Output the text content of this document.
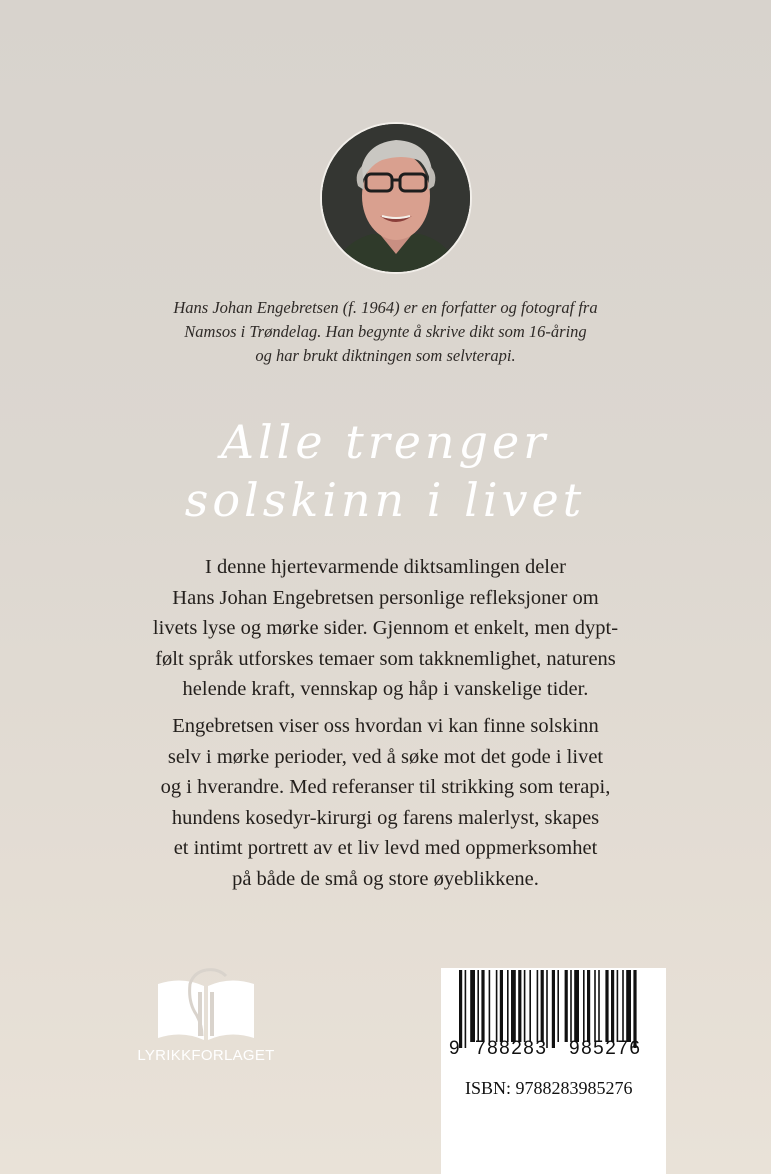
Hans Johan Engebretsen (f. 1964) er en forfatter og fotograf fra
Namsos i Trøndelag. Han begynte å skrive dikt som 16-åring
og har brukt diktningen som selvterapi.
Alle trenger
solskinn i livet
I denne hjertevarmende diktsamlingen deler
Hans Johan Engebretsen personlige refleksjoner om
livets lyse og mørke sider. Gjennom et enkelt, men dypt-
følt språk utforskes temaer som takknemlighet, naturens
helende kraft, vennskap og håp i vanskelige tider.
Engebretsen viser oss hvordan vi kan finne solskinn
selv i mørke perioder, ved å søke mot det gode i livet
og i hverandre. Med referanser til strikking som terapi,
hundens kosedyr-kirurgi og farens malerlyst, skapes
et intimt portrett av et liv levd med oppmerksomhet
på både de små og store øyeblikkene.
LYRIKKFORLAGET	9 788283 985276
ISBN: 9788283985276
